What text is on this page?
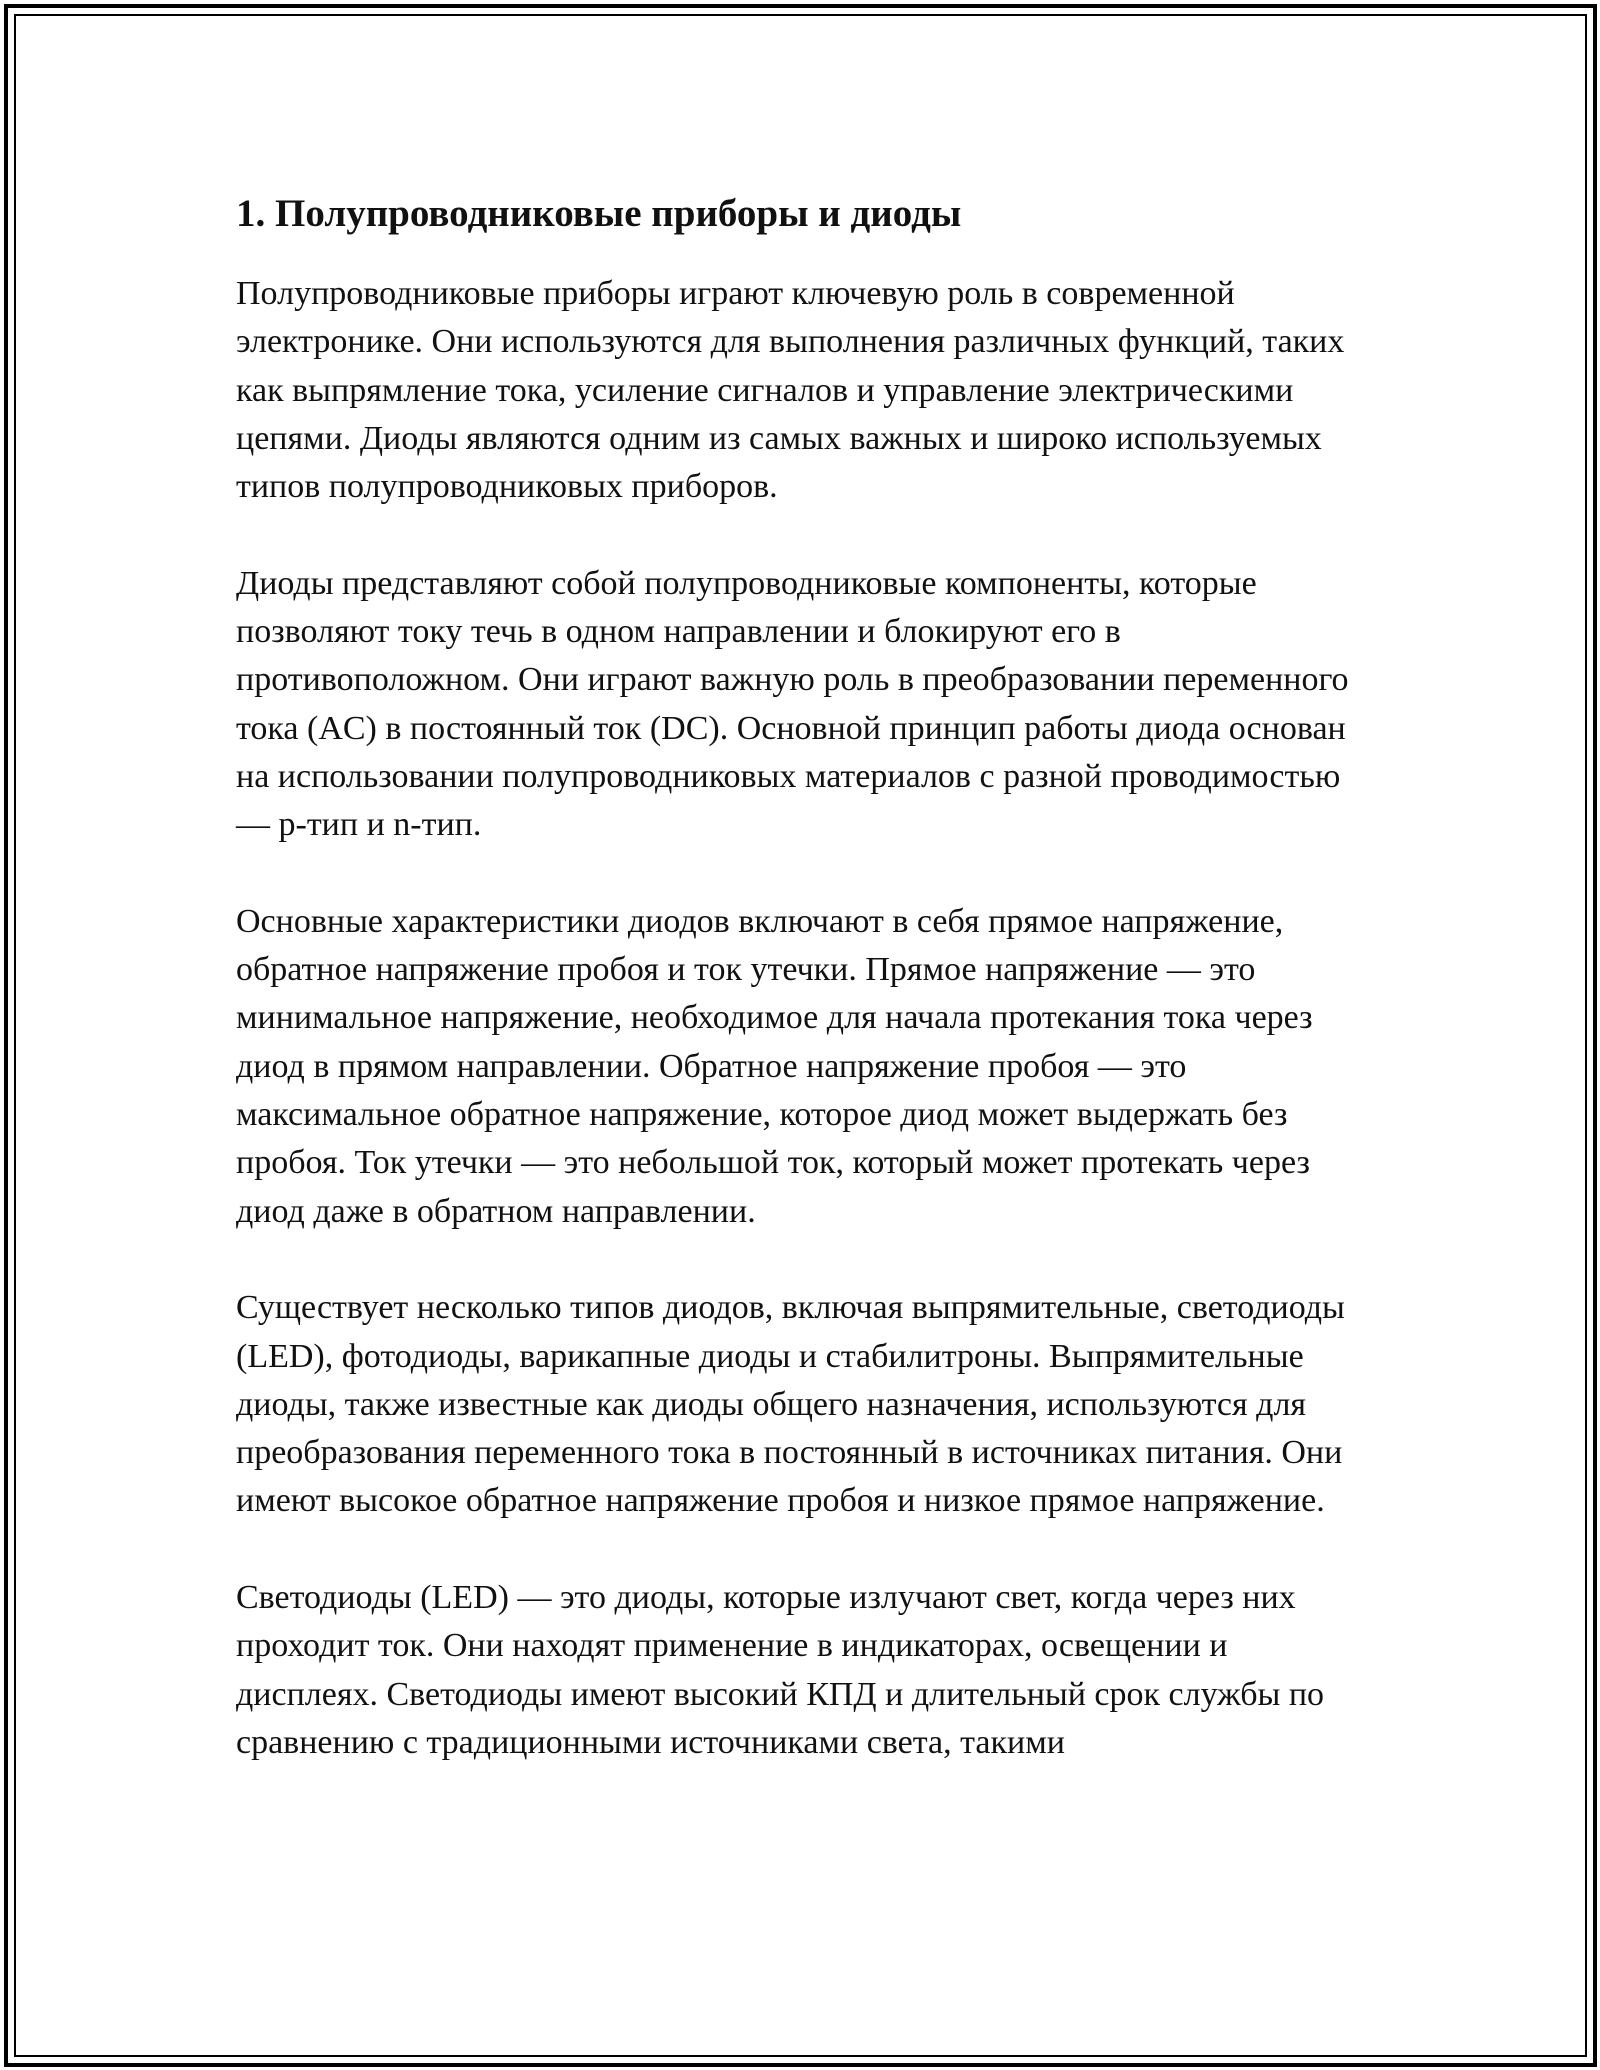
1. Полупроводниковые приборы и диоды

Полупроводниковые приборы играют ключевую роль в современной электронике. Они используются для выполнения различных функций, таких как выпрямление тока, усиление сигналов и управление электрическими цепями. Диоды являются одним из самых важных и широко используемых типов полупроводниковых приборов.

Диоды представляют собой полупроводниковые компоненты, которые позволяют току течь в одном направлении и блокируют его в противоположном. Они играют важную роль в преобразовании переменного тока (AC) в постоянный ток (DC). Основной принцип работы диода основан на использовании полупроводниковых материалов с разной проводимостью — p-тип и n-тип.

Основные характеристики диодов включают в себя прямое напряжение, обратное напряжение пробоя и ток утечки. Прямое напряжение — это минимальное напряжение, необходимое для начала протекания тока через диод в прямом направлении. Обратное напряжение пробоя — это максимальное обратное напряжение, которое диод может выдержать без пробоя. Ток утечки — это небольшой ток, который может протекать через диод даже в обратном направлении.

Существует несколько типов диодов, включая выпрямительные, светодиоды (LED), фотодиоды, варикапные диоды и стабилитроны. Выпрямительные диоды, также известные как диоды общего назначения, используются для преобразования переменного тока в постоянный в источниках питания. Они имеют высокое обратное напряжение пробоя и низкое прямое напряжение.

Светодиоды (LED) — это диоды, которые излучают свет, когда через них проходит ток. Они находят применение в индикаторах, освещении и дисплеях. Светодиоды имеют высокий КПД и длительный срок службы по сравнению с традиционными источниками света, такими
